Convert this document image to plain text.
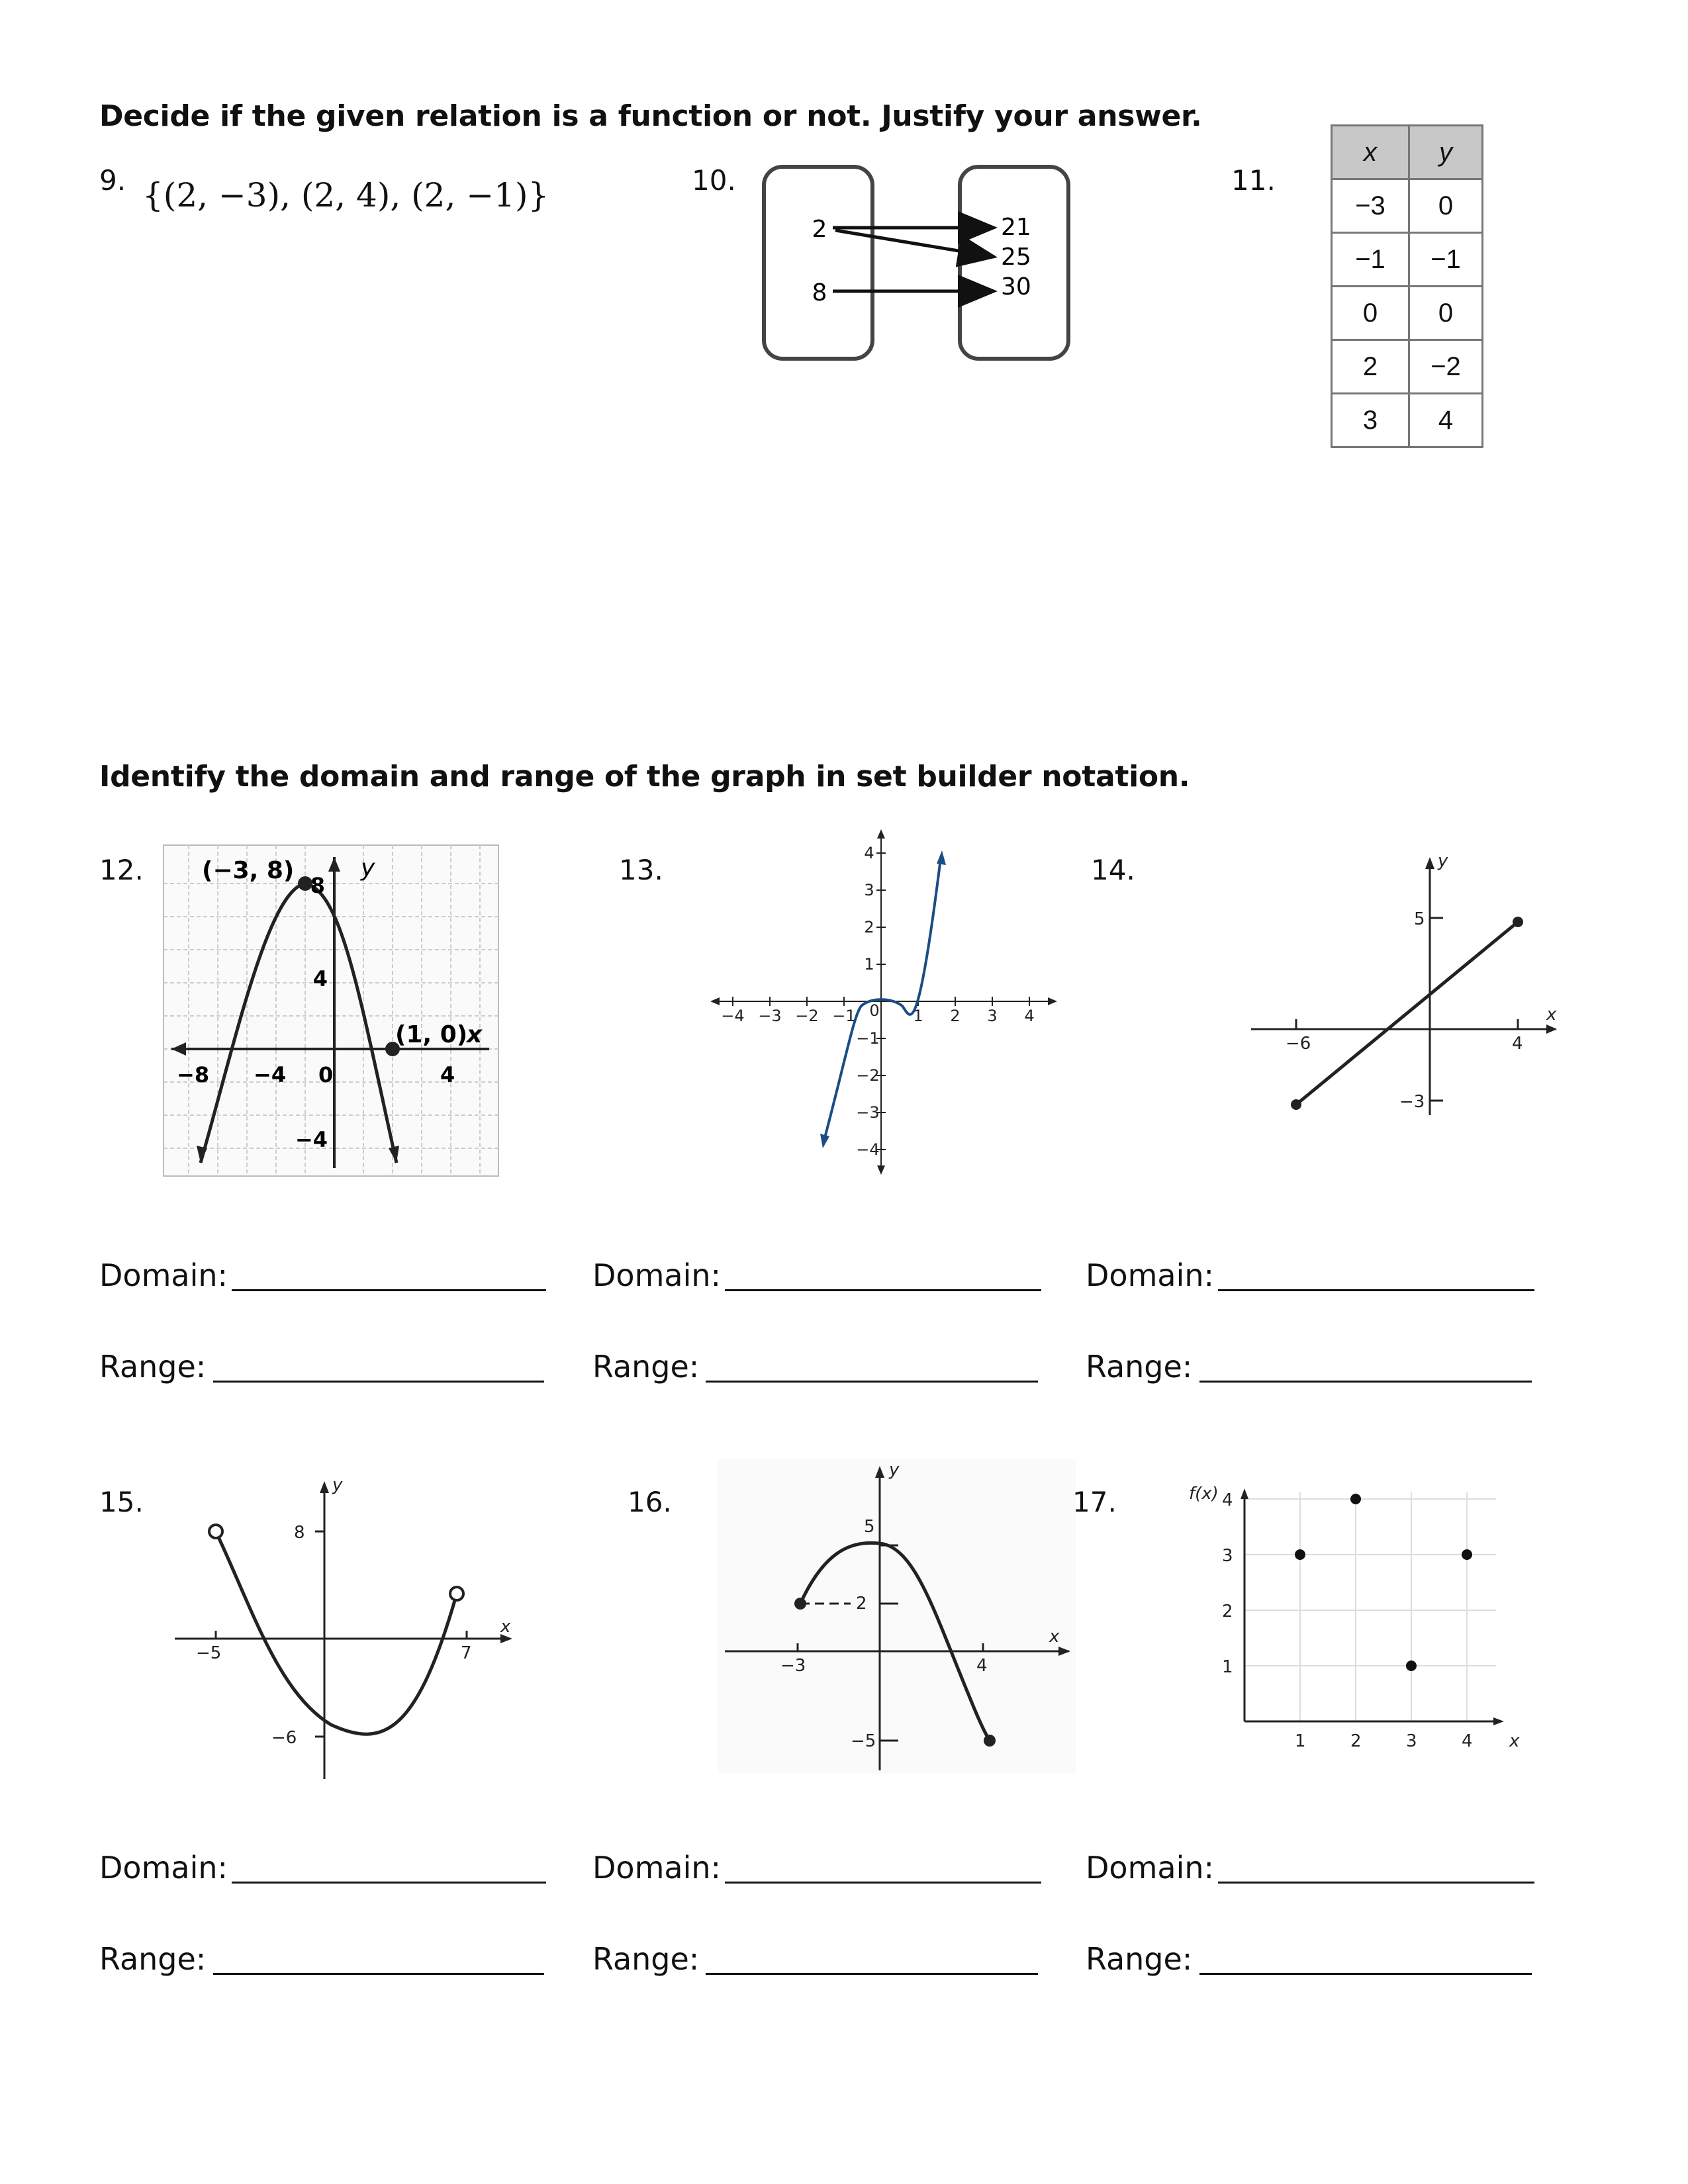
Decide if the given relation is a function or not. Justify your answer.
9. {(2, −3), (2, 4), (2, −1)}	10.
2
8
21
25
30
11.
x	y
−3	0
−1	−1
0	0
2	−2
3	4
Identify the domain and range of the graph in set builder notation.
12. (−3, 8)
(1, 0)
x
y
8
4
−4
−8 −4 0	4
13.
−4 −3 −2 −1 0 1 2 3 4
4
3
2
1
−1
−2
−3
−4
14.
5
−3
−6	4
x
y
Domain:
Range:
Domain:
Range:
Domain:
Range:
15.
8
−6
−5	7
x
y
16.
5
2
−5
−3	4
x
y
17.	f(x) 4
3
2
1
1	2	3	4 x
Domain:
Range:
Domain:
Range:
Domain:
Range:
